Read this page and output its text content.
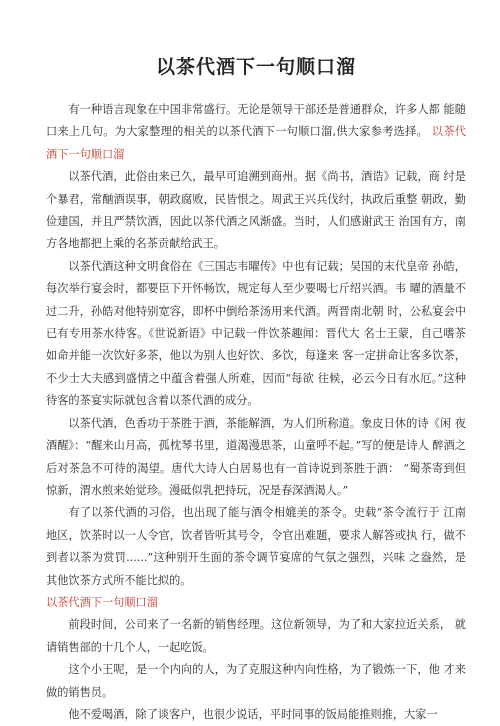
以茶代酒下一句顺口溜

有一种语言现象在中国非常盛行。无论是领导干部还是普通群众，许多人都 能随口来上几句。为大家整理的相关的以茶代酒下一句顺口溜,供大家参考选择。 以茶代酒下一句顺口溜

以茶代酒，此俗由来已久，最早可追溯到商州。据《尚书，酒诰》记载，商 纣是个暴君，常酗酒误事，朝政腐败，民皆恨之。周武王兴兵伐纣，执政后重整 朝政，勤俭建国，并且严禁饮酒，因此以茶代酒之风渐盛。当时，人们感谢武王 治国有方，南方各地都把上乘的名茶贡献给武王。

以茶代酒这种文明食俗在《三国志韦曜传》中也有记载；吴国的末代皇帝 孙皓，每次举行宴会时，都要臣下开怀畅饮，规定每人至少要喝七斤绍兴酒。韦 曜的酒量不过二升，孙皓对他特别宽容，即杯中倒给茶汤用来代酒。两晋南北朝 时，公私宴会中已有专用茶水待客。《世说新语》中记载一件饮茶趣闻：晋代大 名士王蒙，自己嗜茶如命并能一次饮好多茶，他以为别人也好饮、多饮，每逢来 客一定拼命让客多饮茶，不少士大夫感到盛情之中蕴含着强人所难，因而“每欲 往候，必云今日有水厄。”这种待客的茶宴实际就包含着以茶代酒的成分。

以茶代酒，色香功于茶胜于酒，茶能解酒，为人们所称道。象皮日休的诗《闲 夜酒醒》：“醒来山月高，孤枕琴书里，道渴漫思茶，山童呼不起。”写的便是诗人 醉酒之后对茶急不可待的渴望。唐代大诗人白居易也有一首诗说到茶胜于酒： “蜀茶寄到但惊新，渭水煎来始觉珍。漫砥似乳把持玩，况是春深酒渴人。”

有了以茶代酒的习俗，也出现了能与酒令相媲美的茶令。史载“茶令流行于 江南地区，饮茶时以一人令官，饮者皆听其号令，令官出难题，要求人解答或执 行，做不到者以茶为赏罚......”这种别开生面的茶令调节宴席的气氛之强烈，兴味 之盎然，是其他饮茶方式所不能比拟的。

以茶代酒下一句顺口溜

前段时间，公司来了一名新的销售经理。这位新领导，为了和大家拉近关系， 就请销售部的十几个人，一起吃饭。

这个小王呢，是一个内向的人，为了克服这种内向性格，为了锻炼一下，他 才来做的销售员。

他不爱喝酒，除了谈客户，也很少说话，平时同事的饭局能推则推，大家一
